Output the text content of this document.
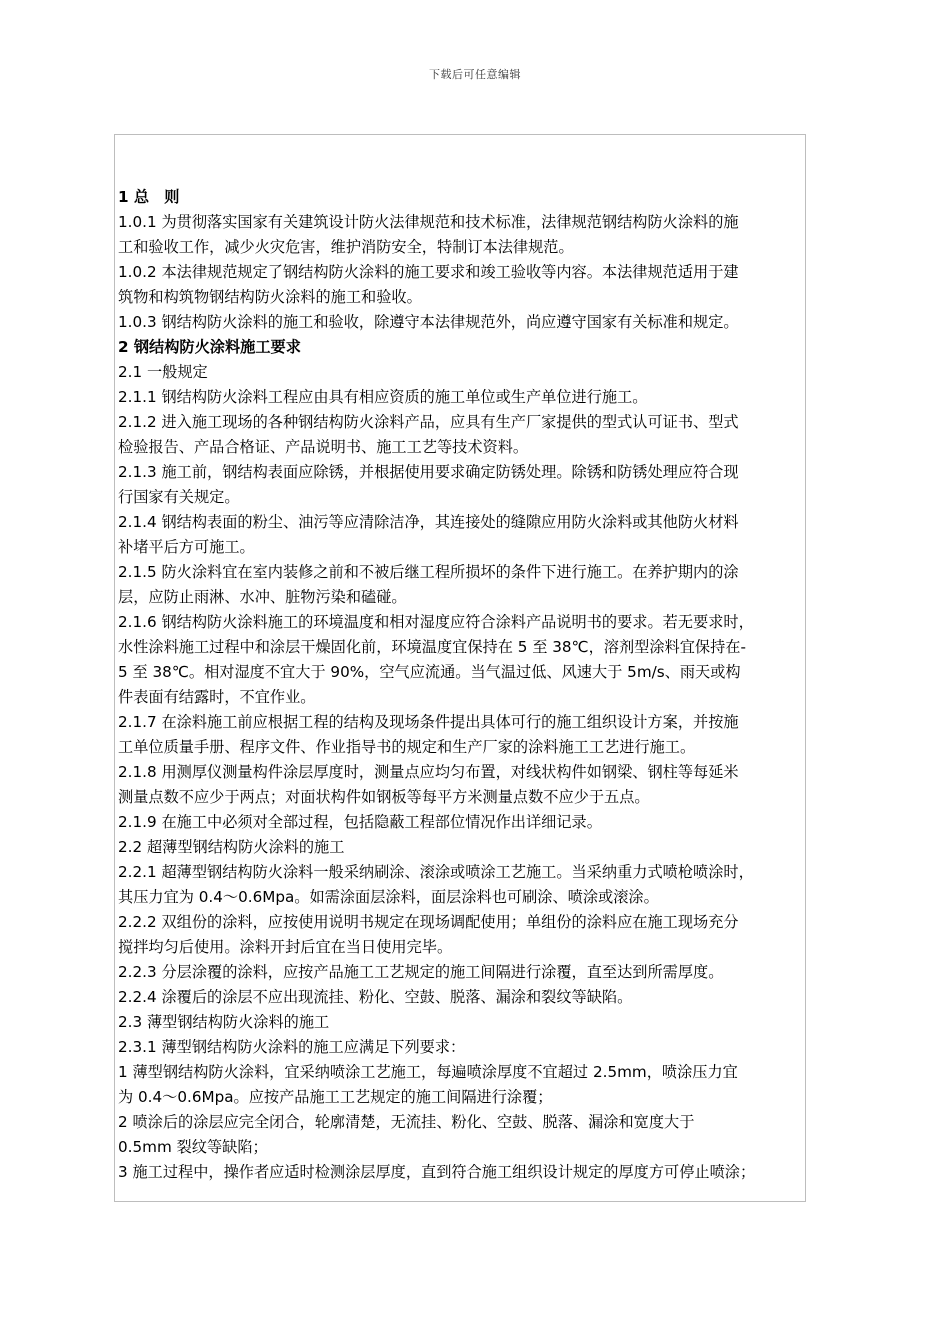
下载后可任意编辑

1 总　则

1.0.1 为贯彻落实国家有关建筑设计防火法律规范和技术标准，法律规范钢结构防火涂料的施
工和验收工作，减少火灾危害，维护消防安全，特制订本法律规范。

1.0.2 本法律规范规定了钢结构防火涂料的施工要求和竣工验收等内容。本法律规范适用于建
筑物和构筑物钢结构防火涂料的施工和验收。

1.0.3 钢结构防火涂料的施工和验收，除遵守本法律规范外，尚应遵守国家有关标准和规定。

2 钢结构防火涂料施工要求

2.1 一般规定

2.1.1 钢结构防火涂料工程应由具有相应资质的施工单位或生产单位进行施工。

2.1.2 进入施工现场的各种钢结构防火涂料产品，应具有生产厂家提供的型式认可证书、型式
检验报告、产品合格证、产品说明书、施工工艺等技术资料。

2.1.3 施工前，钢结构表面应除锈，并根据使用要求确定防锈处理。除锈和防锈处理应符合现
行国家有关规定。

2.1.4 钢结构表面的粉尘、油污等应清除洁净，其连接处的缝隙应用防火涂料或其他防火材料
补堵平后方可施工。

2.1.5 防火涂料宜在室内装修之前和不被后继工程所损坏的条件下进行施工。在养护期内的涂
层，应防止雨淋、水冲、脏物污染和磕碰。

2.1.6 钢结构防火涂料施工的环境温度和相对湿度应符合涂料产品说明书的要求。若无要求时，
水性涂料施工过程中和涂层干燥固化前，环境温度宜保持在 5 至 38℃，溶剂型涂料宜保持在-
5 至 38℃。相对湿度不宜大于 90%，空气应流通。当气温过低、风速大于 5m/s、雨天或构
件表面有结露时，不宜作业。

2.1.7 在涂料施工前应根据工程的结构及现场条件提出具体可行的施工组织设计方案，并按施
工单位质量手册、程序文件、作业指导书的规定和生产厂家的涂料施工工艺进行施工。

2.1.8 用测厚仪测量构件涂层厚度时，测量点应均匀布置，对线状构件如钢梁、钢柱等每延米
测量点数不应少于两点；对面状构件如钢板等每平方米测量点数不应少于五点。

2.1.9 在施工中必须对全部过程，包括隐蔽工程部位情况作出详细记录。

2.2 超薄型钢结构防火涂料的施工

2.2.1 超薄型钢结构防火涂料一般采纳刷涂、滚涂或喷涂工艺施工。当采纳重力式喷枪喷涂时，
其压力宜为 0.4～0.6Mpa。如需涂面层涂料，面层涂料也可刷涂、喷涂或滚涂。

2.2.2 双组份的涂料，应按使用说明书规定在现场调配使用；单组份的涂料应在施工现场充分
搅拌均匀后使用。涂料开封后宜在当日使用完毕。

2.2.3 分层涂覆的涂料，应按产品施工工艺规定的施工间隔进行涂覆，直至达到所需厚度。

2.2.4 涂覆后的涂层不应出现流挂、粉化、空鼓、脱落、漏涂和裂纹等缺陷。

2.3 薄型钢结构防火涂料的施工

2.3.1 薄型钢结构防火涂料的施工应满足下列要求：

1 薄型钢结构防火涂料，宜采纳喷涂工艺施工，每遍喷涂厚度不宜超过 2.5mm，喷涂压力宜
为 0.4～0.6Mpa。应按产品施工工艺规定的施工间隔进行涂覆；

2 喷涂后的涂层应完全闭合，轮廓清楚，无流挂、粉化、空鼓、脱落、漏涂和宽度大于
0.5mm 裂纹等缺陷；

3 施工过程中，操作者应适时检测涂层厚度，直到符合施工组织设计规定的厚度方可停止喷涂；
